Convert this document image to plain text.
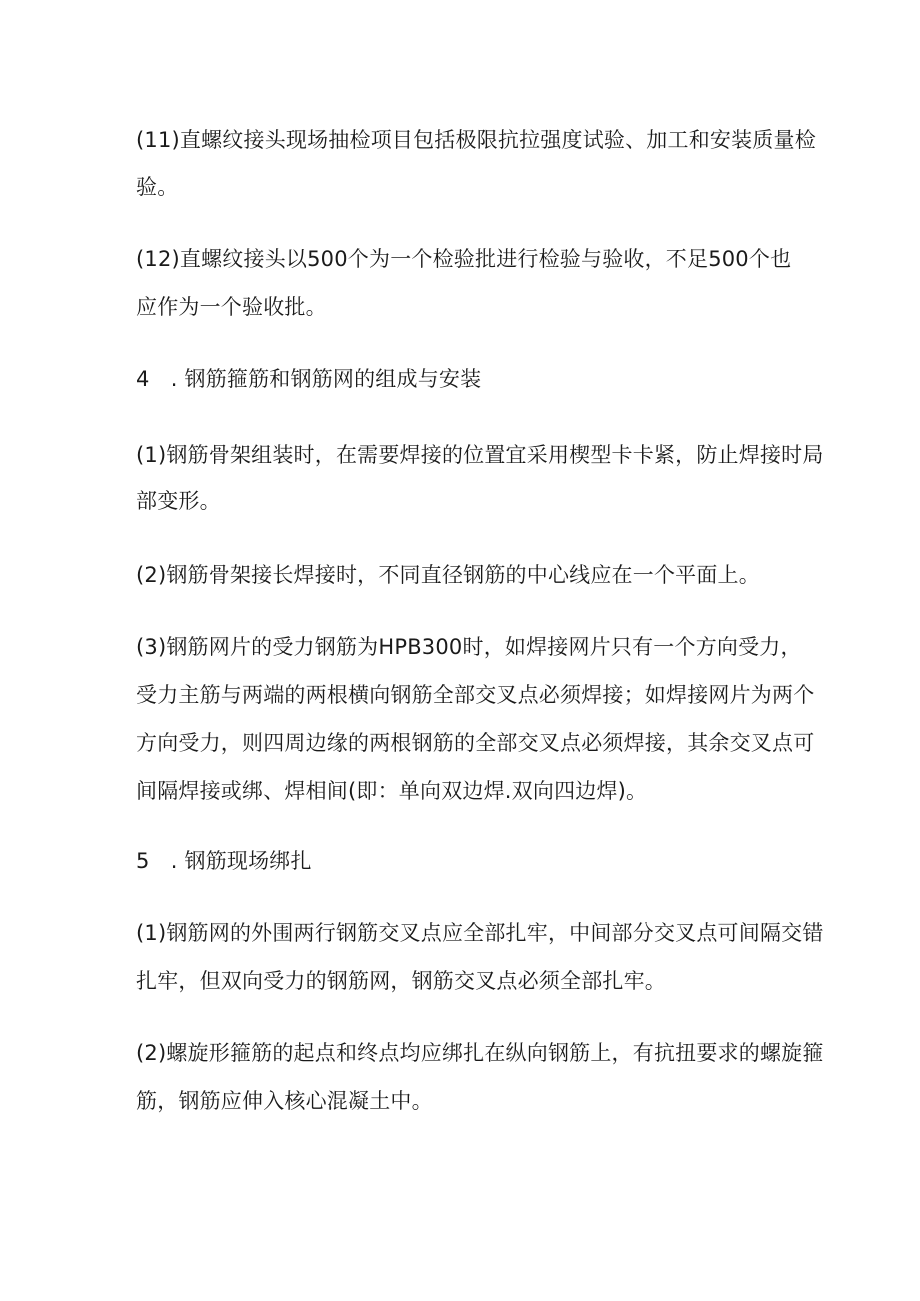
(11)直螺纹接头现场抽检项目包括极限抗拉强度试验、加工和安装质量检
验。
(12)直螺纹接头以500个为一个检验批进行检验与验收，不足500个也
应作为一个验收批。
4　. 钢筋箍筋和钢筋网的组成与安装
(1)钢筋骨架组装时，在需要焊接的位置宜采用楔型卡卡紧，防止焊接时局
部变形。
(2)钢筋骨架接长焊接时，不同直径钢筋的中心线应在一个平面上。
(3)钢筋网片的受力钢筋为HPB300时，如焊接网片只有一个方向受力，
受力主筋与两端的两根横向钢筋全部交叉点必须焊接；如焊接网片为两个
方向受力，则四周边缘的两根钢筋的全部交叉点必须焊接，其余交叉点可
间隔焊接或绑、焊相间(即：单向双边焊.双向四边焊)。
5　. 钢筋现场绑扎
(1)钢筋网的外围两行钢筋交叉点应全部扎牢，中间部分交叉点可间隔交错
扎牢，但双向受力的钢筋网，钢筋交叉点必须全部扎牢。
(2)螺旋形箍筋的起点和终点均应绑扎在纵向钢筋上，有抗扭要求的螺旋箍
筋，钢筋应伸入核心混凝土中。
